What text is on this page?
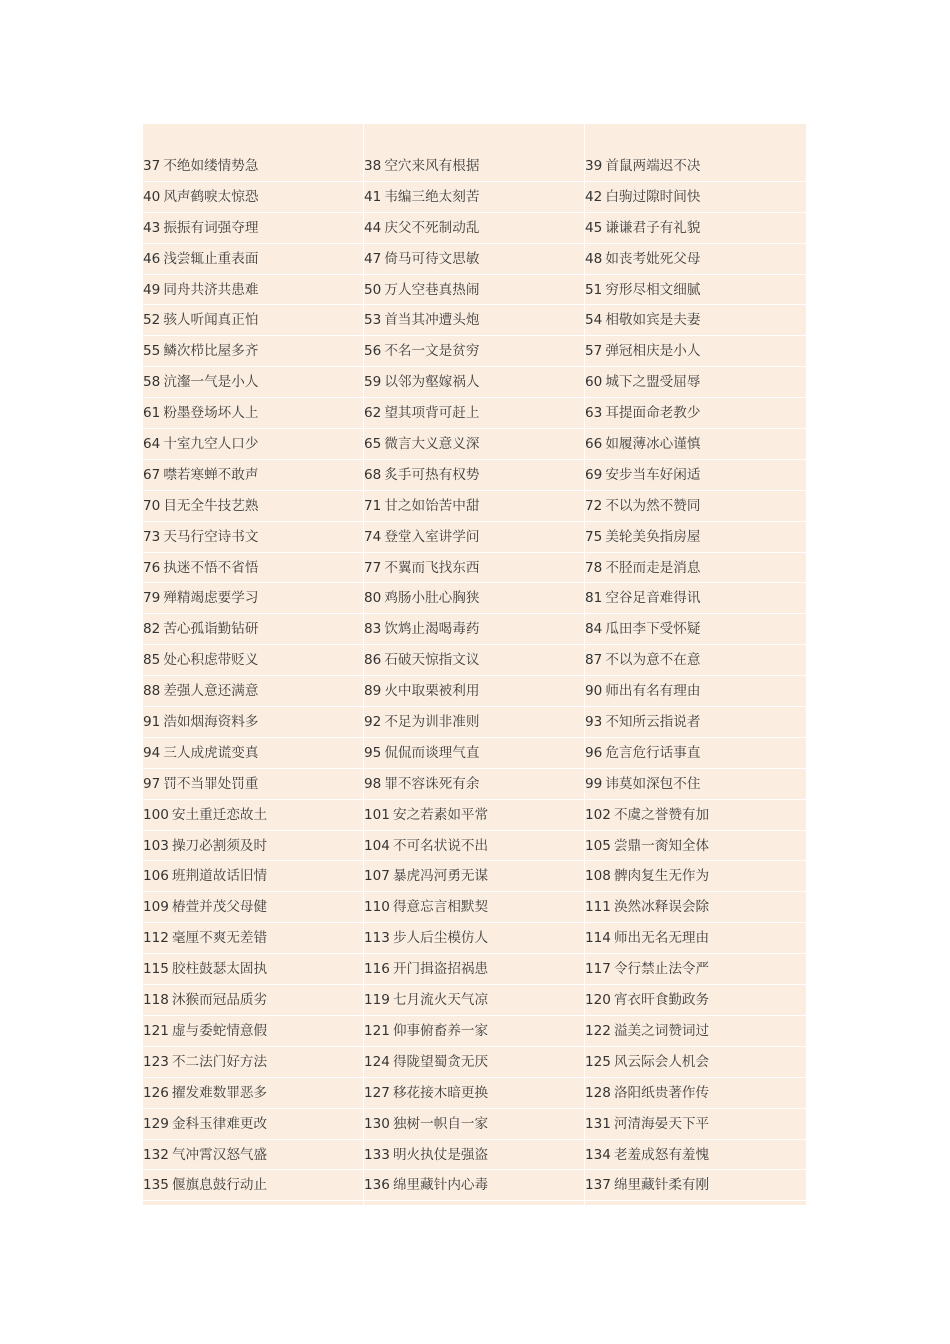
37 不绝如缕情势急	38 空穴来风有根据	39 首鼠两端迟不决
40 风声鹤唳太惊恐	41 韦编三绝太刻苦	42 白驹过隙时间快
43 振振有词强夺理	44 庆父不死制动乱	45 谦谦君子有礼貌
46 浅尝辄止重表面	47 倚马可待文思敏	48 如丧考妣死父母
49 同舟共济共患难	50 万人空巷真热闹	51 穷形尽相文细腻
52 骇人听闻真正怕	53 首当其冲遭头炮	54 相敬如宾是夫妻
55 鳞次栉比屋多齐	56 不名一文是贫穷	57 弹冠相庆是小人
58 沆瀣一气是小人	59 以邻为壑嫁祸人	60 城下之盟受屈辱
61 粉墨登场坏人上	62 望其项背可赶上	63 耳提面命老教少
64 十室九空人口少	65 微言大义意义深	66 如履薄冰心谨慎
67 噤若寒蝉不敢声	68 炙手可热有权势	69 安步当车好闲适
70 目无全牛技艺熟	71 甘之如饴苦中甜	72 不以为然不赞同
73 天马行空诗书文	74 登堂入室讲学问	75 美轮美奂指房屋
76 执迷不悟不省悟	77 不翼而飞找东西	78 不胫而走是消息
79 殚精竭虑要学习	80 鸡肠小肚心胸狭	81 空谷足音难得讯
82 苦心孤诣勤钻研	83 饮鸩止渴喝毒药	84 瓜田李下受怀疑
85 处心积虑带贬义	86 石破天惊指文议	87 不以为意不在意
88 差强人意还满意	89 火中取栗被利用	90 师出有名有理由
91 浩如烟海资料多	92 不足为训非准则	93 不知所云指说者
94 三人成虎谎变真	95 侃侃而谈理气直	96 危言危行话事直
97 罚不当罪处罚重	98 罪不容诛死有余	99 讳莫如深包不住
100 安土重迁恋故土	101 安之若素如平常	102 不虞之誉赞有加
103 操刀必割须及时	104 不可名状说不出	105 尝鼎一脔知全体
106 班荆道故话旧情	107 暴虎冯河勇无谋	108 髀肉复生无作为
109 椿萱并茂父母健	110 得意忘言相默契	111 涣然冰释误会除
112 毫厘不爽无差错	113 步人后尘模仿人	114 师出无名无理由
115 胶柱鼓瑟太固执	116 开门揖盗招祸患	117 令行禁止法令严
118 沐猴而冠品质劣	119 七月流火天气凉	120 宵衣旰食勤政务
121 虚与委蛇情意假	121 仰事俯畜养一家	122 溢美之词赞词过
123 不二法门好方法	124 得陇望蜀贪无厌	125 风云际会人机会
126 擢发难数罪恶多	127 移花接木暗更换	128 洛阳纸贵著作传
129 金科玉律难更改	130 独树一帜自一家	131 河清海晏天下平
132 气冲霄汉怒气盛	133 明火执仗是强盗	134 老羞成怒有羞愧
135 偃旗息鼓行动止	136 绵里藏针内心毒	137 绵里藏针柔有刚
